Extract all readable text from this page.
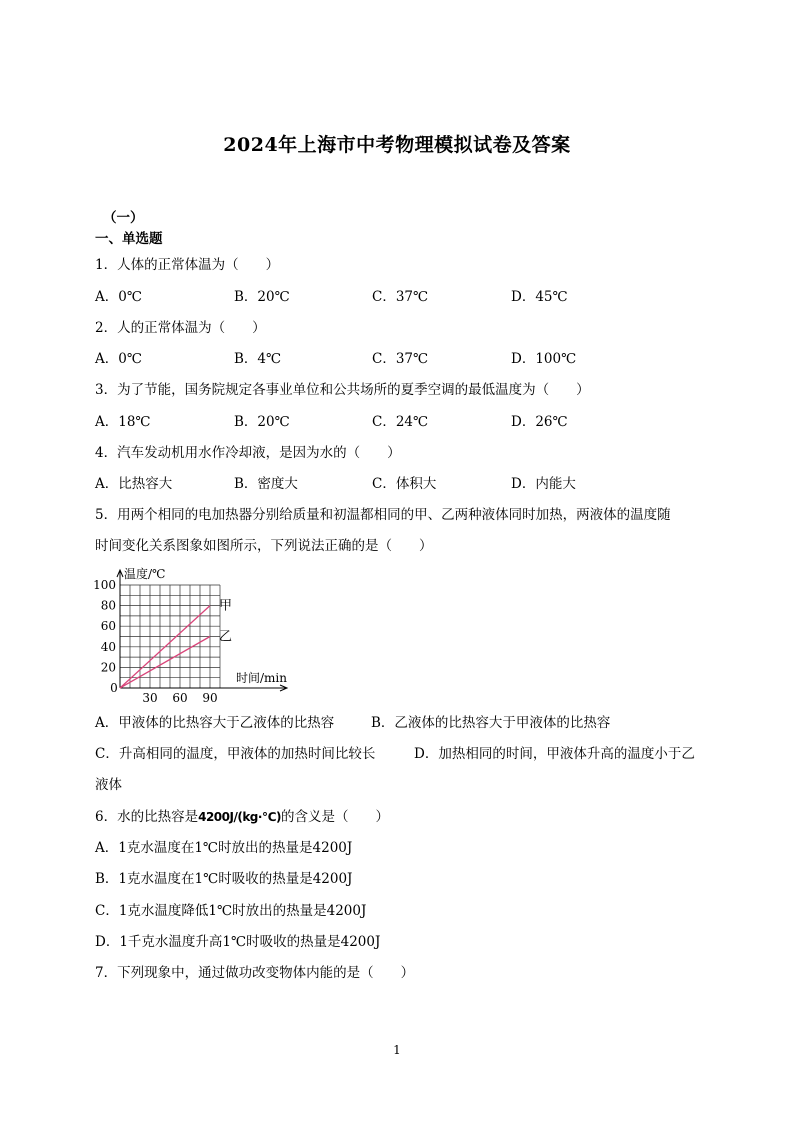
2024年上海市中考物理模拟试卷及答案
（一）
一、单选题
1．人体的正常体温为（　　）
A．0℃	B．20℃	C．37℃	D．45℃
2．人的正常体温为（　　）
A．0℃	B．4℃	C．37℃	D．100℃
3．为了节能，国务院规定各事业单位和公共场所的夏季空调的最低温度为（　　）
A．18℃	B．20℃	C．24℃	D．26℃
4．汽车发动机用水作冷却液，是因为水的（　　）
A．比热容大	B．密度大	C．体积大	D．内能大
5．用两个相同的电加热器分别给质量和初温都相同的甲、乙两种液体同时加热，两液体的温度随
时间变化关系图象如图所示，下列说法正确的是（　　）
20
40
60
80
100
0
30 60 90
温度/℃
时间/min
甲
乙
A．甲液体的比热容大于乙液体的比热容	B．乙液体的比热容大于甲液体的比热容
C．升高相同的温度，甲液体的加热时间比较长	D．加热相同的时间，甲液体升高的温度小于乙
液体
6．水的比热容是4200J/(kg·℃)的含义是（　　）
A．1克水温度在1℃时放出的热量是4200J
B．1克水温度在1℃时吸收的热量是4200J
C．1克水温度降低1℃时放出的热量是4200J
D．1千克水温度升高1℃时吸收的热量是4200J
7．下列现象中，通过做功改变物体内能的是（　　）
1
